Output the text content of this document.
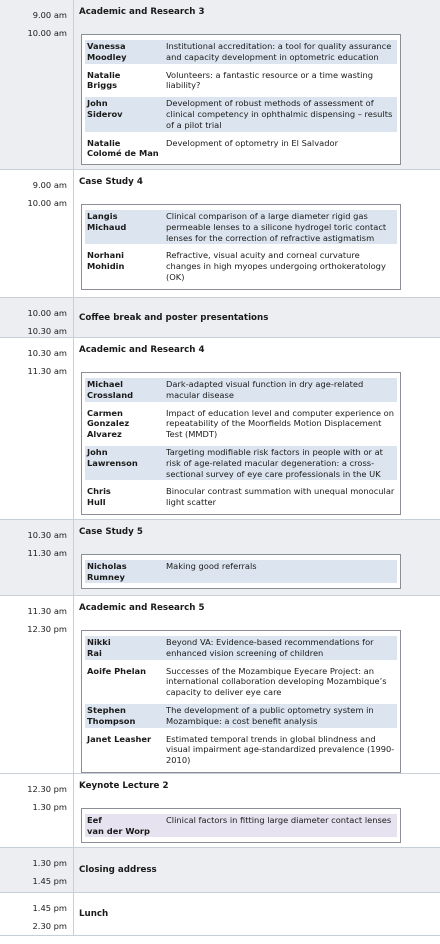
9.00 am
10.00 am
Academic and Research 3
Vanessa
Moodley
Institutional accreditation: a tool for quality assurance and capacity development in optometric education
Natalie
Briggs
Volunteers: a fantastic resource or a time wasting liability?
John
Siderov
Development of robust methods of assessment of clinical competency in ophthalmic dispensing – results of a pilot trial
Natalie
Colomé de Man
Development of optometry in El Salvador
9.00 am
10.00 am
Case Study 4
Langis
Michaud
Clinical comparison of a large diameter rigid gas permeable lenses to a silicone hydrogel toric contact lenses for the correction of refractive astigmatism
Norhani
Mohidin
Refractive, visual acuity and corneal curvature changes in high myopes undergoing orthokeratology (OK)
10.00 am
10.30 am
Coffee break and poster presentations
10.30 am
11.30 am
Academic and Research 4
Michael
Crossland
Dark-adapted visual function in dry age-related macular disease
Carmen
Gonzalez Alvarez
Impact of education level and computer experience on repeatability of the Moorfields Motion Displacement Test (MMDT)
John
Lawrenson
Targeting modifiable risk factors in people with or at risk of age-related macular degeneration: a cross-sectional survey of eye care professionals in the UK
Chris
Hull
Binocular contrast summation with unequal monocular light scatter
10.30 am
11.30 am
Case Study 5
Nicholas
Rumney
Making good referrals
11.30 am
12.30 pm
Academic and Research 5
Nikki
Rai
Beyond VA: Evidence-based recommendations for enhanced vision screening of children
Aoife Phelan	Successes of the Mozambique Eyecare Project: an international collaboration developing Mozambique’s capacity to deliver eye care
Stephen
Thompson
The development of a public optometry system in Mozambique: a cost benefit analysis
Janet Leasher	Estimated temporal trends in global blindness and visual impairment age-standardized prevalence (1990-2010)
12.30 pm
1.30 pm
Keynote Lecture 2
Eef
van der Worp
Clinical factors in fitting large diameter contact lenses
1.30 pm
1.45 pm
Closing address
1.45 pm
2.30 pm
Lunch
